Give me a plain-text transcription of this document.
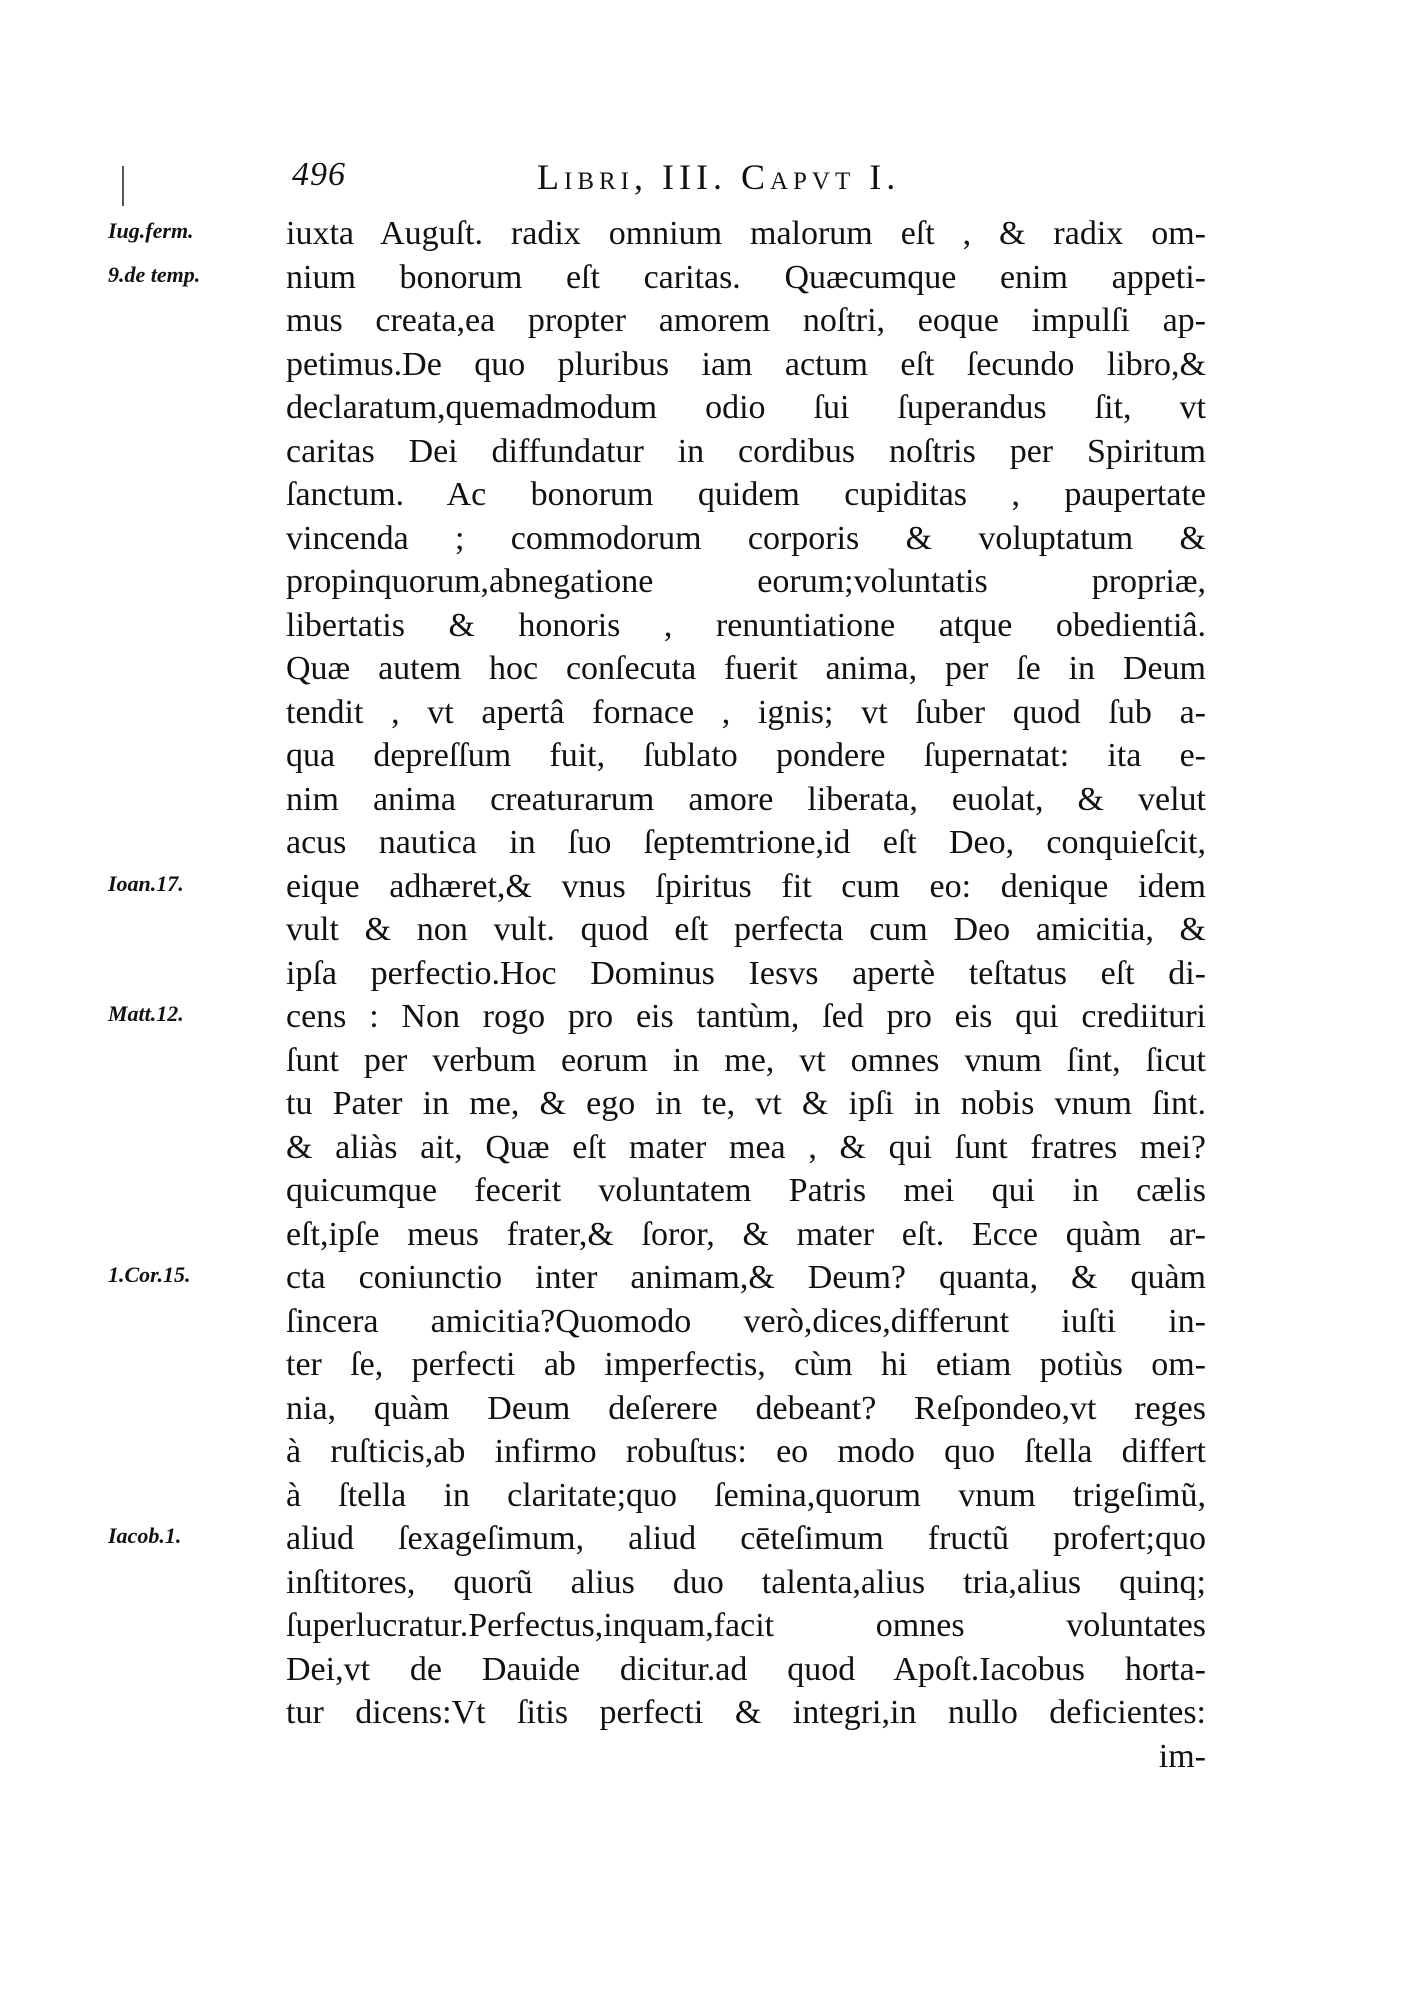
496	Libri, III. Capvt I.
Iug.ferm.
9.de temp.
Ioan.17.
Matt.12.
1.Cor.15.
Iacob.1.
iuxta Auguſt. radix omnium malorum eſt , & radix om-
nium bonorum eſt caritas. Quæcumque enim appeti-
mus creata,ea propter amorem noſtri, eoque impulſi ap-
petimus.De quo pluribus iam actum eſt ſecundo libro,&
declaratum,quemadmodum odio ſui ſuperandus ſit, vt
caritas Dei diffundatur in cordibus noſtris per Spiritum
ſanctum. Ac bonorum quidem cupiditas , paupertate
vincenda ; commodorum corporis & voluptatum &
propinquorum,abnegatione eorum;voluntatis propriæ,
libertatis & honoris , renuntiatione atque obedientiâ.
Quæ autem hoc conſecuta fuerit anima, per ſe in Deum
tendit , vt apertâ fornace , ignis; vt ſuber quod ſub a-
qua depreſſum fuit, ſublato pondere ſupernatat: ita e-
nim anima creaturarum amore liberata, euolat, & velut
acus nautica in ſuo ſeptemtrione,id eſt Deo, conquieſcit,
eique adhæret,& vnus ſpiritus fit cum eo: denique idem
vult & non vult. quod eſt perfecta cum Deo amicitia, &
ipſa perfectio.Hoc Dominus Iesvs apertè teſtatus eſt di-
cens : Non rogo pro eis tantùm, ſed pro eis qui crediituri
ſunt per verbum eorum in me, vt omnes vnum ſint, ſicut
tu Pater in me, & ego in te, vt & ipſi in nobis vnum ſint.
& aliàs ait, Quæ eſt mater mea , & qui ſunt fratres mei?
quicumque fecerit voluntatem Patris mei qui in cælis
eſt,ipſe meus frater,& ſoror, & mater eſt. Ecce quàm ar-
cta coniunctio inter animam,& Deum? quanta, & quàm
ſincera amicitia?Quomodo verò,dices,differunt iuſti in-
ter ſe, perfecti ab imperfectis, cùm hi etiam potiùs om-
nia, quàm Deum deſerere debeant? Reſpondeo,vt reges
à ruſticis,ab infirmo robuſtus: eo modo quo ſtella differt
à ſtella in claritate;quo ſemina,quorum vnum trigeſimũ,
aliud ſexageſimum, aliud cēteſimum fructũ profert;quo
inſtitores, quorũ alius duo talenta,alius tria,alius quinq;
ſuperlucratur.Perfectus,inquam,facit omnes voluntates
Dei,vt de Dauide dicitur.ad quod Apoſt.Iacobus horta-
tur dicens:Vt ſitis perfecti & integri,in nullo deficientes:
im-
